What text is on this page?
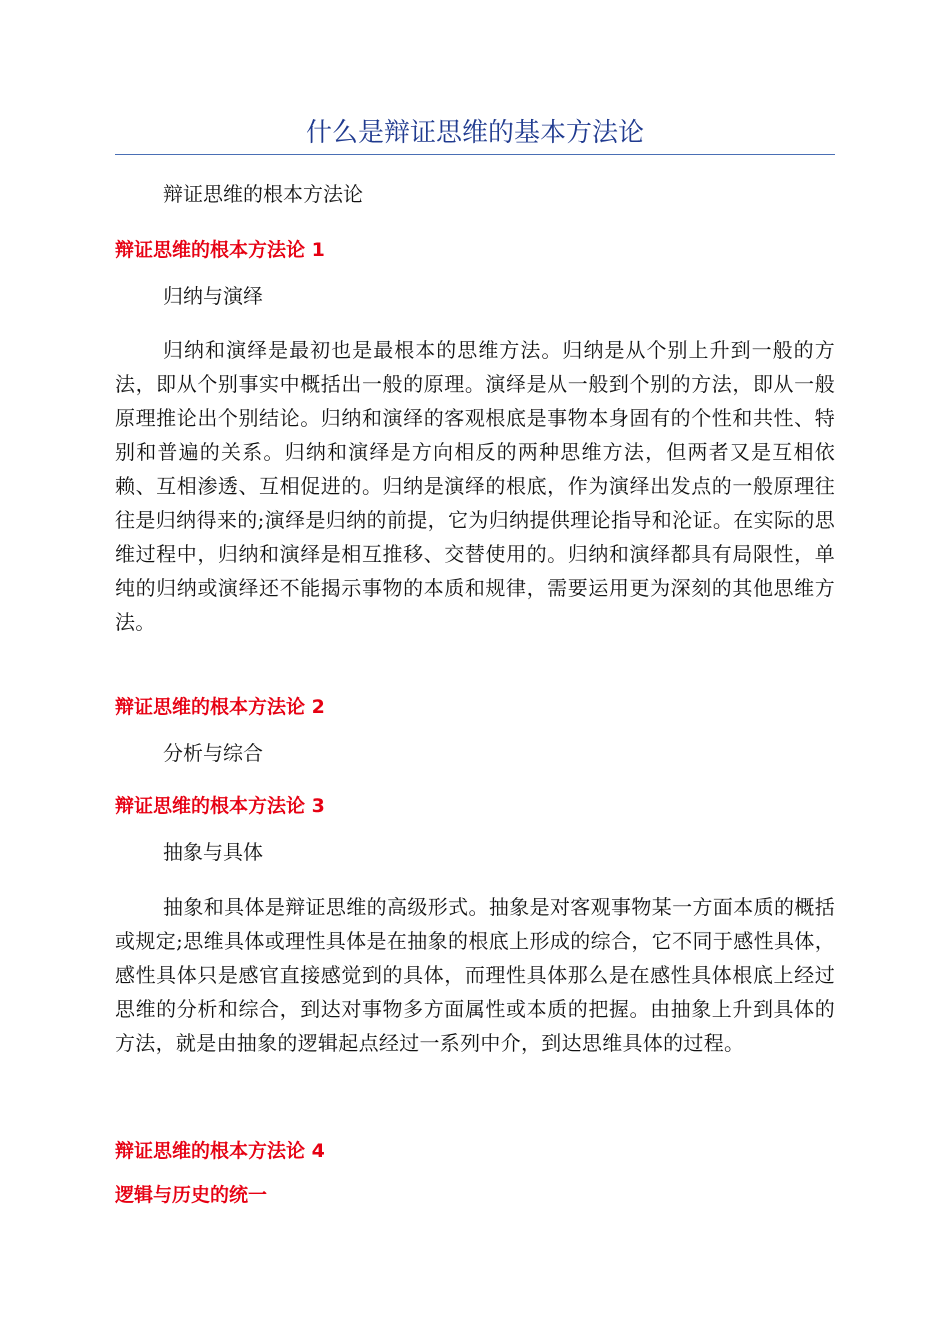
什么是辩证思维的基本方法论

辩证思维的根本方法论

辩证思维的根本方法论 1

归纳与演绎

归纳和演绎是最初也是最根本的思维方法。归纳是从个别上升到一般的方法，即从个别事实中概括出一般的原理。演绎是从一般到个别的方法，即从一般原理推论出个别结论。归纳和演绎的客观根底是事物本身固有的个性和共性、特别和普遍的关系。归纳和演绎是方向相反的两种思维方法，但两者又是互相依赖、互相渗透、互相促进的。归纳是演绎的根底，作为演绎出发点的一般原理往往是归纳得来的;演绎是归纳的前提，它为归纳提供理论指导和沦证。在实际的思维过程中，归纳和演绎是相互推移、交替使用的。归纳和演绎都具有局限性，单纯的归纳或演绎还不能揭示事物的本质和规律，需要运用更为深刻的其他思维方法。

辩证思维的根本方法论 2

分析与综合

辩证思维的根本方法论 3

抽象与具体

抽象和具体是辩证思维的高级形式。抽象是对客观事物某一方面本质的概括或规定;思维具体或理性具体是在抽象的根底上形成的综合，它不同于感性具体，感性具体只是感官直接感觉到的具体，而理性具体那么是在感性具体根底上经过思维的分析和综合，到达对事物多方面属性或本质的把握。由抽象上升到具体的方法，就是由抽象的逻辑起点经过一系列中介，到达思维具体的过程。

辩证思维的根本方法论 4

逻辑与历史的统一
